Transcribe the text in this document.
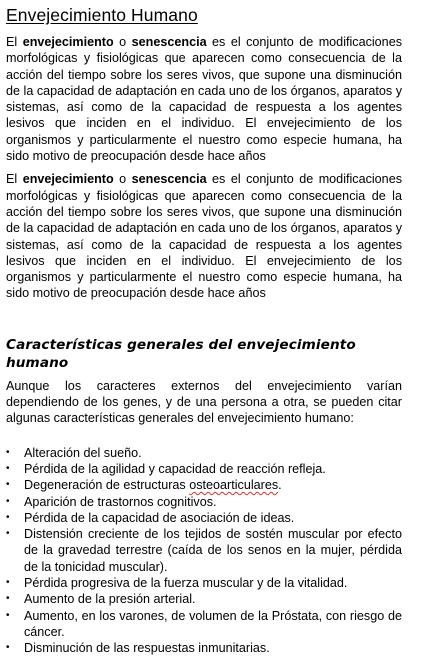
Envejecimiento Humano

El envejecimiento o senescencia es el conjunto de modificaciones morfológicas y fisiológicas que aparecen como consecuencia de la acción del tiempo sobre los seres vivos, que supone una disminución de la capacidad de adaptación en cada uno de los órganos, aparatos y sistemas, así como de la capacidad de respuesta a los agentes lesivos que inciden en el individuo. El envejecimiento de los organismos y particularmente el nuestro como especie humana, ha sido motivo de preocupación desde hace años

El envejecimiento o senescencia es el conjunto de modificaciones morfológicas y fisiológicas que aparecen como consecuencia de la acción del tiempo sobre los seres vivos, que supone una disminución de la capacidad de adaptación en cada uno de los órganos, aparatos y sistemas, así como de la capacidad de respuesta a los agentes lesivos que inciden en el individuo. El envejecimiento de los organismos y particularmente el nuestro como especie humana, ha sido motivo de preocupación desde hace años

Características generales del envejecimiento humano

Aunque los caracteres externos del envejecimiento varían dependiendo de los genes, y de una persona a otra, se pueden citar algunas características generales del envejecimiento humano:

• Alteración del sueño.
• Pérdida de la agilidad y capacidad de reacción refleja.
• Degeneración de estructuras osteoarticulares.
• Aparición de trastornos cognitivos.
• Pérdida de la capacidad de asociación de ideas.
• Distensión creciente de los tejidos de sostén muscular por efecto de la gravedad terrestre (caída de los senos en la mujer, pérdida de la tonicidad muscular).
• Pérdida progresiva de la fuerza muscular y de la vitalidad.
• Aumento de la presión arterial.
• Aumento, en los varones, de volumen de la Próstata, con riesgo de cáncer.
• Disminución de las respuestas inmunitarias.
